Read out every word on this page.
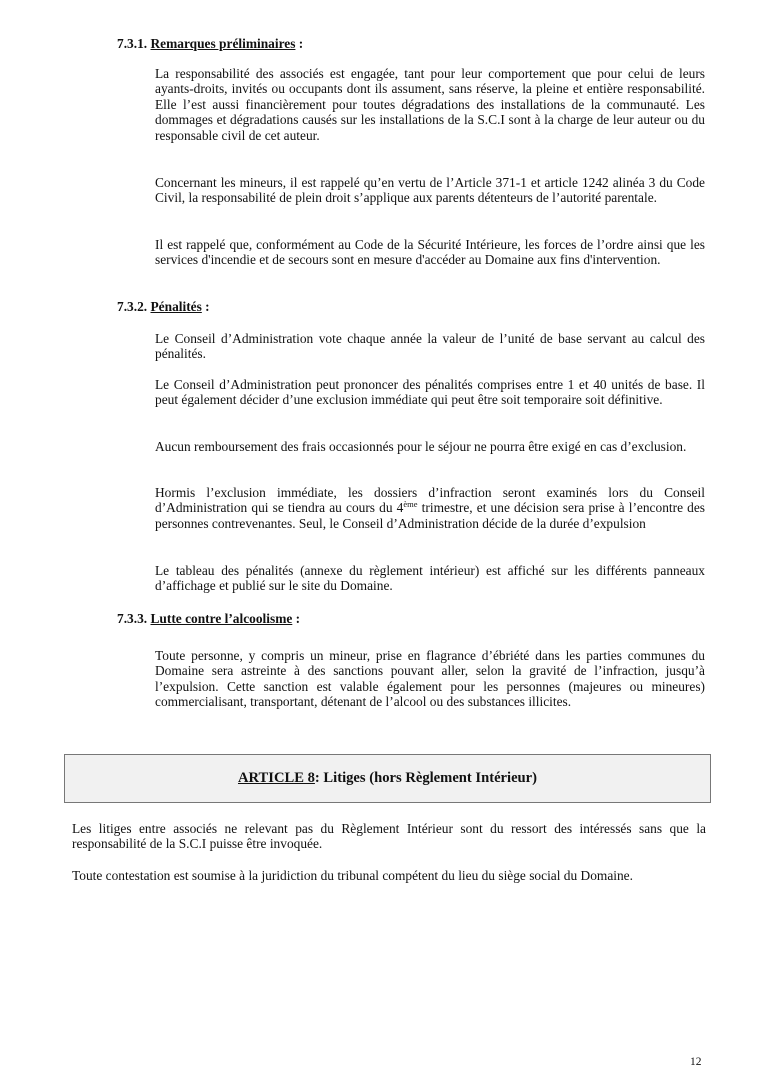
7.3.1. Remarques préliminaires :

La responsabilité des associés est engagée, tant pour leur comportement que pour celui de leurs ayants-droits, invités ou occupants dont ils assument, sans réserve, la pleine et entière responsabilité. Elle l’est aussi financièrement pour toutes dégradations des installations de la communauté. Les dommages et dégradations causés sur les installations de la S.C.I sont à la charge de leur auteur ou du responsable civil de cet auteur.

Concernant les mineurs, il est rappelé qu’en vertu de l’Article 371-1 et article 1242 alinéa 3 du Code Civil, la responsabilité de plein droit s’applique aux parents détenteurs de l’autorité parentale.

Il est rappelé que, conformément au Code de la Sécurité Intérieure, les forces de l’ordre ainsi que les services d'incendie et de secours sont en mesure d'accéder au Domaine aux fins d'intervention.

7.3.2. Pénalités :

Le Conseil d’Administration vote chaque année la valeur de l’unité de base servant au calcul des pénalités.

Le Conseil d’Administration peut prononcer des pénalités comprises entre 1 et 40 unités de base. Il peut également décider d’une exclusion immédiate qui peut être soit temporaire soit définitive.

Aucun remboursement des frais occasionnés pour le séjour ne pourra être exigé en cas d’exclusion.

Hormis l’exclusion immédiate, les dossiers d’infraction seront examinés lors du Conseil d’Administration qui se tiendra au cours du 4ème trimestre, et une décision sera prise à l’encontre des personnes contrevenantes. Seul, le Conseil d’Administration décide de la durée d’expulsion

Le tableau des pénalités (annexe du règlement intérieur) est affiché sur les différents panneaux d’affichage et publié sur le site du Domaine.

7.3.3. Lutte contre l’alcoolisme :

Toute personne, y compris un mineur, prise en flagrance d’ébriété dans les parties communes du Domaine sera astreinte à des sanctions pouvant aller, selon la gravité de l’infraction, jusqu’à l’expulsion. Cette sanction est valable également pour les personnes (majeures ou mineures) commercialisant, transportant, détenant de l’alcool ou des substances illicites.

ARTICLE 8 : Litiges (hors Règlement Intérieur)

Les litiges entre associés ne relevant pas du Règlement Intérieur sont du ressort des intéressés sans que la responsabilité de la S.C.I puisse être invoquée.

Toute contestation est soumise à la juridiction du tribunal compétent du lieu du siège social du Domaine.

12
